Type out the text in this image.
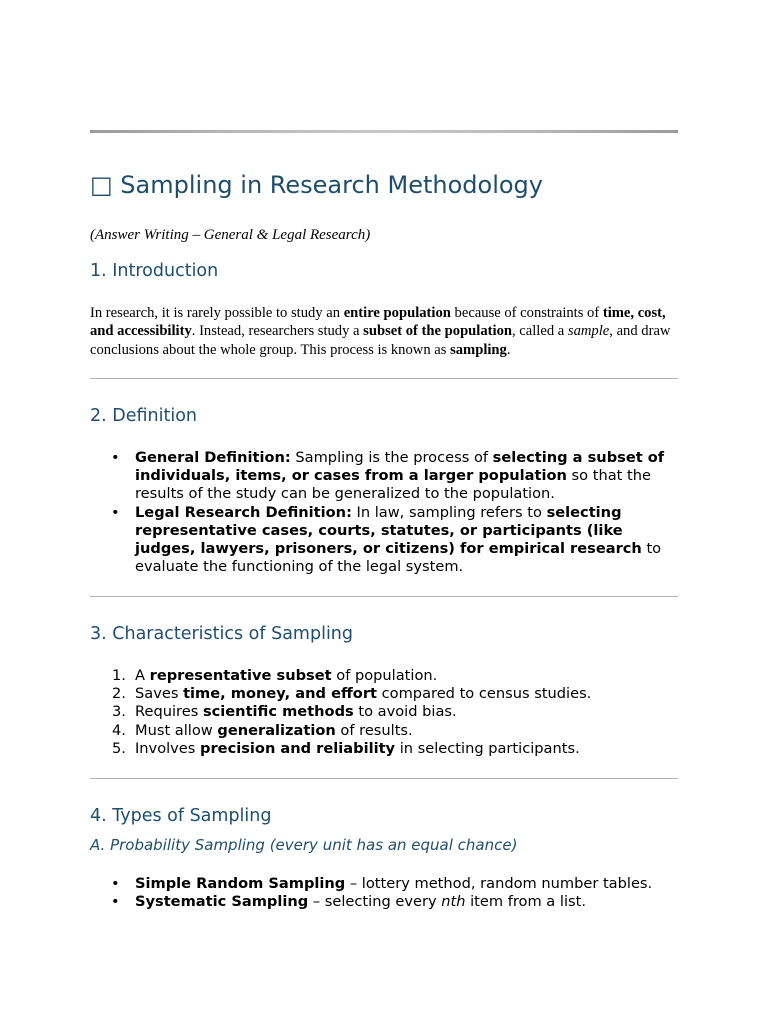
□ Sampling in Research Methodology

(Answer Writing – General & Legal Research)

1. Introduction

In research, it is rarely possible to study an entire population because of constraints of time, cost, and accessibility. Instead, researchers study a subset of the population, called a sample, and draw conclusions about the whole group. This process is known as sampling.

2. Definition
• General Definition: Sampling is the process of selecting a subset of individuals, items, or cases from a larger population so that the results of the study can be generalized to the population.
• Legal Research Definition: In law, sampling refers to selecting representative cases, courts, statutes, or participants (like judges, lawyers, prisoners, or citizens) for empirical research to evaluate the functioning of the legal system.
3. Characteristics of Sampling
1. A representative subset of population.
2. Saves time, money, and effort compared to census studies.
3. Requires scientific methods to avoid bias.
4. Must allow generalization of results.
5. Involves precision and reliability in selecting participants.
4. Types of Sampling
A. Probability Sampling (every unit has an equal chance)
• Simple Random Sampling – lottery method, random number tables.
• Systematic Sampling – selecting every nth item from a list.
